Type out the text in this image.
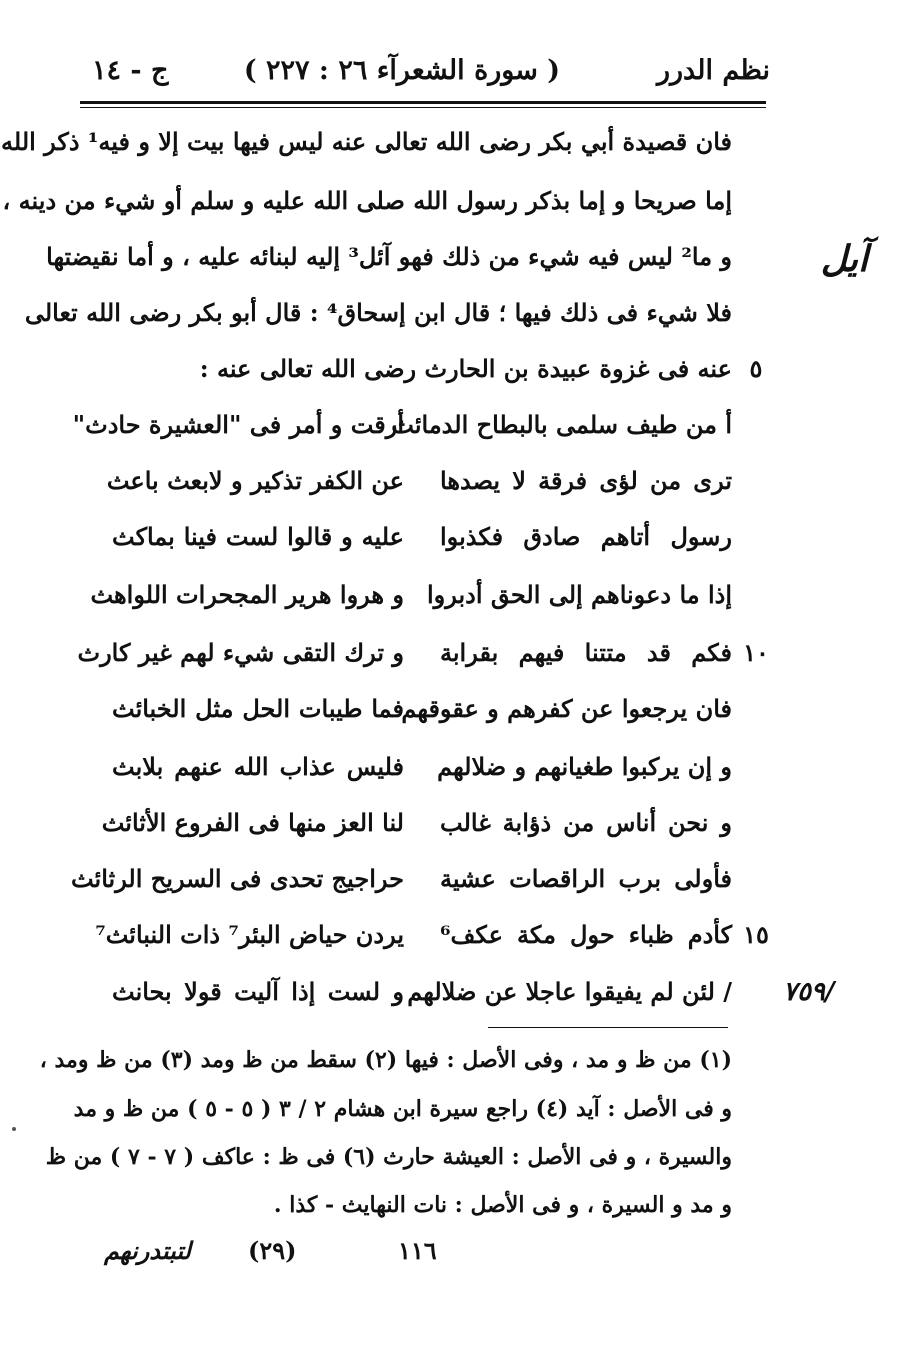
نظم الدرر
( سورة الشعرآء ٢٦ : ٢٢٧ )
ج - ١٤
آيل
فان قصيدة أبي بكر رضى الله تعالى عنه ليس فيها بيت إلا و فيه¹ ذكر الله
إما صريحا و إما بذكر رسول الله صلى الله عليه و سلم أو شيء من دينه ،
و ما² ليس فيه شيء من ذلك فهو آئل³ إليه لبنائه عليه ، و أما نقيضتها
فلا شيء فى ذلك فيها ؛ قال ابن إسحاق⁴ : قال أبو بكر رضى الله تعالى
عنه فى غزوة عبيدة بن الحارث رضى الله تعالى عنه : ٥
أ من طيف سلمى بالبطاح الدمائث
أرقت و أمر فى "العشيرة حادث"
ترى من لؤى فرقة لا يصدها
عن الكفر تذكير و لابعث باعث
رسول أتاهم صادق فكذبوا
عليه و قالوا لست فينا بماكث
إذا ما دعوناهم إلى الحق أدبروا
و هروا هرير المجحرات اللواهث
١٠
فكم قد متتنا فيهم بقرابة
و ترك التقى شيء لهم غير كارث
فان يرجعوا عن كفرهم و عقوقهم
فما طيبات الحل مثل الخبائث
و إن يركبوا طغيانهم و ضلالهم
فليس عذاب الله عنهم بلابث
و نحن أناس من ذؤابة غالب
لنا العز منها فى الفروع الأثائث
فأولى برب الراقصات عشية
حراجيج تحدى فى السريح الرثائث
١٥
كأدم ظباء حول مكة عكف⁶
يردن حياض البئر⁷ ذات النبائث⁷
/ لئن لم يفيقوا عاجلا عن ضلالهم
و لست إذا آليت قولا بحانث	٧٥٩/
(١) من ظ و مد ، وفى الأصل : فيها (٢) سقط من ظ ومد (٣) من ظ ومد ،
و فى الأصل : آيد (٤) راجع سيرة ابن هشام ٢ / ٣ ( ٥ - ٥ ) من ظ و مد
والسيرة ، و فى الأصل : العيشة حارث (٦) فى ظ : عاكف ( ٧ - ٧ ) من ظ
و مد و السيرة ، و فى الأصل : نات النهايث - كذا .
١١٦
(٢٩)
لتبتدرنهم
